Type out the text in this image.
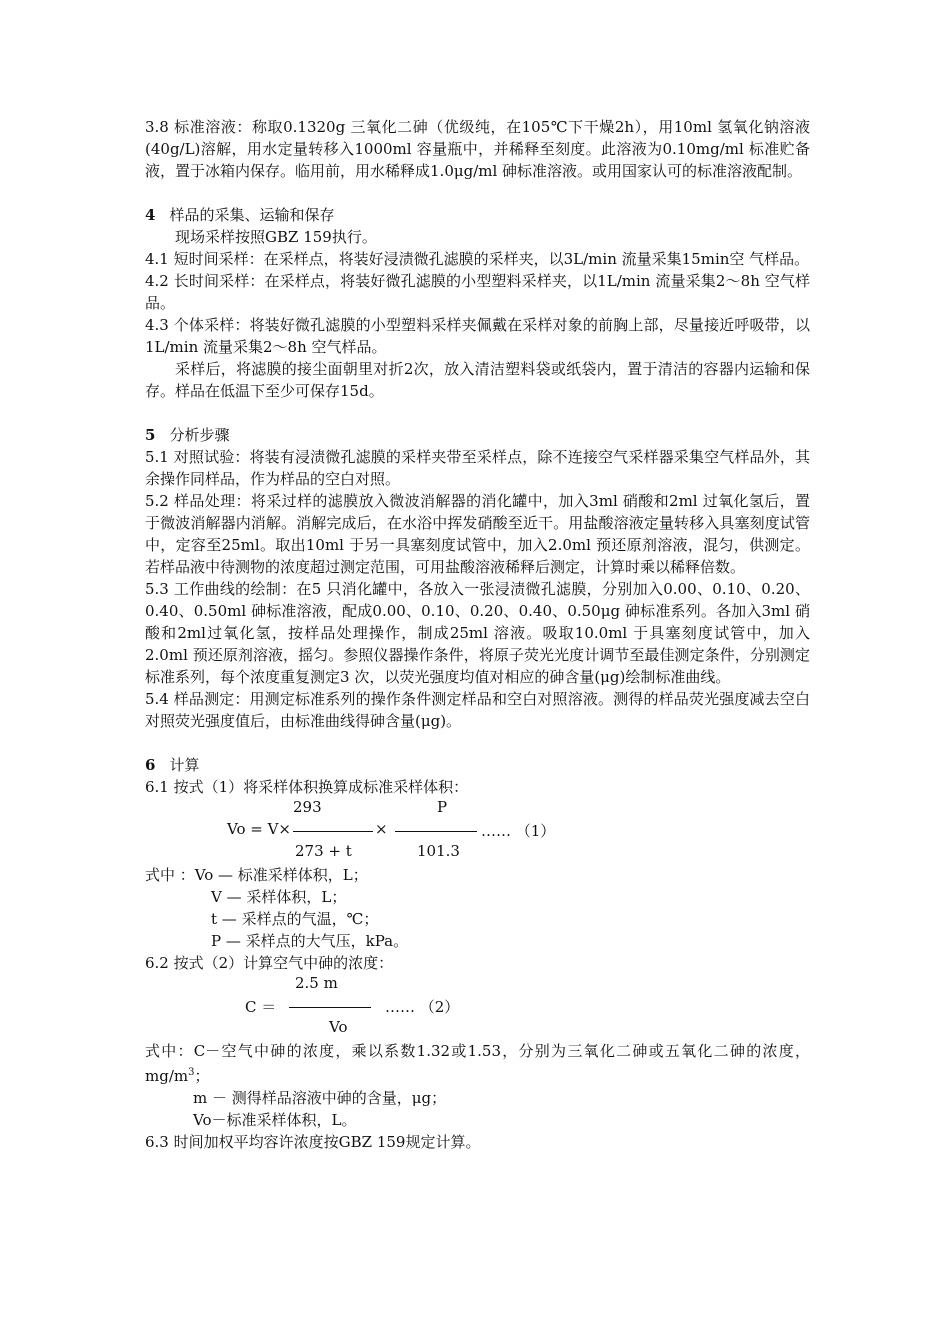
3.8 标准溶液：称取0.1320g 三氧化二砷（优级纯，在105℃下干燥2h），用10ml 氢氧化钠溶液(40g/L)溶解，用水定量转移入1000ml 容量瓶中，并稀释至刻度。此溶液为0.10mg/ml 标准贮备液，置于冰箱内保存。临用前，用水稀释成1.0μg/ml 砷标准溶液。或用国家认可的标准溶液配制。

4 样品的采集、运输和保存

现场采样按照GBZ 159执行。

4.1 短时间采样：在采样点，将装好浸渍微孔滤膜的采样夹，以3L/min 流量采集15min空 气样品。

4.2 长时间采样：在采样点，将装好微孔滤膜的小型塑料采样夹，以1L/min 流量采集2～8h 空气样品。

4.3 个体采样：将装好微孔滤膜的小型塑料采样夹佩戴在采样对象的前胸上部，尽量接近呼吸带，以1L/min 流量采集2～8h 空气样品。

采样后，将滤膜的接尘面朝里对折2次，放入清洁塑料袋或纸袋内，置于清洁的容器内运输和保存。样品在低温下至少可保存15d。

5 分析步骤

5.1 对照试验：将装有浸渍微孔滤膜的采样夹带至采样点，除不连接空气采样器采集空气样品外，其余操作同样品，作为样品的空白对照。

5.2 样品处理：将采过样的滤膜放入微波消解器的消化罐中，加入3ml 硝酸和2ml 过氧化氢后，置于微波消解器内消解。消解完成后，在水浴中挥发硝酸至近干。用盐酸溶液定量转移入具塞刻度试管中，定容至25ml。取出10ml 于另一具塞刻度试管中，加入2.0ml 预还原剂溶液，混匀，供测定。若样品液中待测物的浓度超过测定范围，可用盐酸溶液稀释后测定，计算时乘以稀释倍数。

5.3 工作曲线的绘制：在5 只消化罐中，各放入一张浸渍微孔滤膜，分别加入0.00、0.10、0.20、0.40、0.50ml 砷标准溶液，配成0.00、0.10、0.20、0.40、0.50μg 砷标准系列。各加入3ml 硝酸和2ml过氧化氢，按样品处理操作，制成25ml 溶液。吸取10.0ml 于具塞刻度试管中，加入2.0ml 预还原剂溶液，摇匀。参照仪器操作条件，将原子荧光光度计调节至最佳测定条件，分别测定标准系列，每个浓度重复测定3 次，以荧光强度均值对相应的砷含量(μg)绘制标准曲线。

5.4 样品测定：用测定标准系列的操作条件测定样品和空白对照溶液。测得的样品荧光强度减去空白对照荧光强度值后，由标准曲线得砷含量(μg)。

6 计算

6.1 按式（1）将采样体积换算成标准采样体积：

293	P
Vo = V×	×	…… （1）
273 + t	101.3

式中 ：Vo — 标准采样体积，L；

V — 采样体积，L；

t — 采样点的气温，℃；

P — 采样点的大气压，kPa。

6.2 按式（2）计算空气中砷的浓度：

2.5 m
C ＝	…… （2）
Vo

式中：C－空气中砷的浓度，乘以系数1.32或1.53，分别为三氧化二砷或五氧化二砷的浓度，$mg/m^3$；

m － 测得样品溶液中砷的含量，μg；

Vo－标准采样体积，L。

6.3 时间加权平均容许浓度按GBZ 159规定计算。
